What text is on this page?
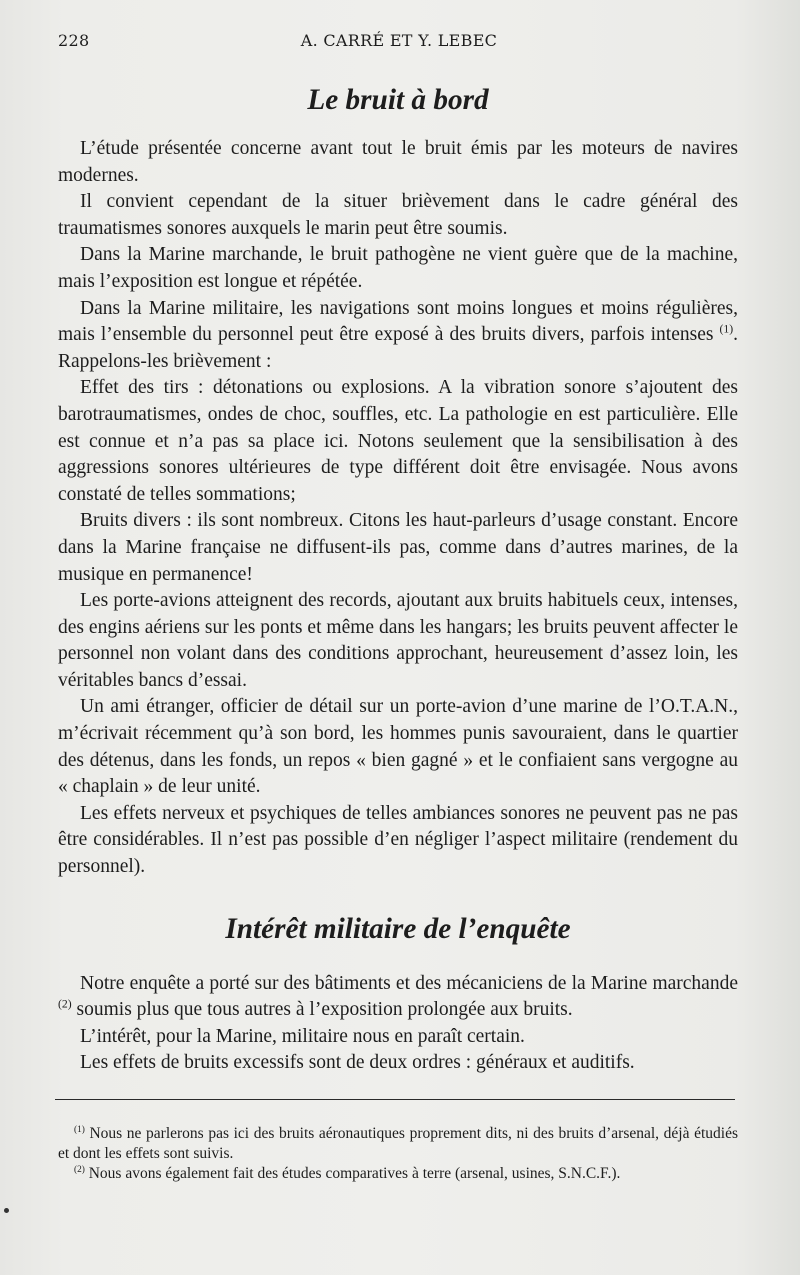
A. CARRÉ ET Y. LEBEC
228
Le bruit à bord

L’étude présentée concerne avant tout le bruit émis par les moteurs de navires modernes.

Il convient cependant de la situer brièvement dans le cadre général des traumatismes sonores auxquels le marin peut être soumis.

Dans la Marine marchande, le bruit pathogène ne vient guère que de la machine, mais l’exposition est longue et répétée.

Dans la Marine militaire, les navigations sont moins longues et moins régulières, mais l’ensemble du personnel peut être exposé à des bruits divers, parfois intenses $^{(1)}$. Rappelons-les brièvement :

Effet des tirs : détonations ou explosions. A la vibration sonore s’ajoutent des barotraumatismes, ondes de choc, souffles, etc. La pathologie en est particulière. Elle est connue et n’a pas sa place ici. Notons seulement que la sensibilisation à des aggressions sonores ultérieures de type différent doit être envisagée. Nous avons constaté de telles sommations;

Bruits divers : ils sont nombreux. Citons les haut-parleurs d’usage constant. Encore dans la Marine française ne diffusent-ils pas, comme dans d’autres marines, de la musique en permanence!

Les porte-avions atteignent des records, ajoutant aux bruits habituels ceux, intenses, des engins aériens sur les ponts et même dans les hangars; les bruits peuvent affecter le personnel non volant dans des conditions approchant, heureusement d’assez loin, les véritables bancs d’essai.

Un ami étranger, officier de détail sur un porte-avion d’une marine de l’O.T.A.N., m’écrivait récemment qu’à son bord, les hommes punis savouraient, dans le quartier des détenus, dans les fonds, un repos « bien gagné » et le confiaient sans vergogne au « chaplain » de leur unité.

Les effets nerveux et psychiques de telles ambiances sonores ne peuvent pas ne pas être considérables. Il n’est pas possible d’en négliger l’aspect militaire (rendement du personnel).

Intérêt militaire de l’enquête

Notre enquête a porté sur des bâtiments et des mécaniciens de la Marine marchande $^{(2)}$ soumis plus que tous autres à l’exposition prolongée aux bruits.

L’intérêt, pour la Marine, militaire nous en paraît certain.

Les effets de bruits excessifs sont de deux ordres : généraux et auditifs.

$^{(1)}$ Nous ne parlerons pas ici des bruits aéronautiques proprement dits, ni des bruits d’arsenal, déjà étudiés et dont les effets sont suivis.

$^{(2)}$ Nous avons également fait des études comparatives à terre (arsenal, usines, S.N.C.F.).
